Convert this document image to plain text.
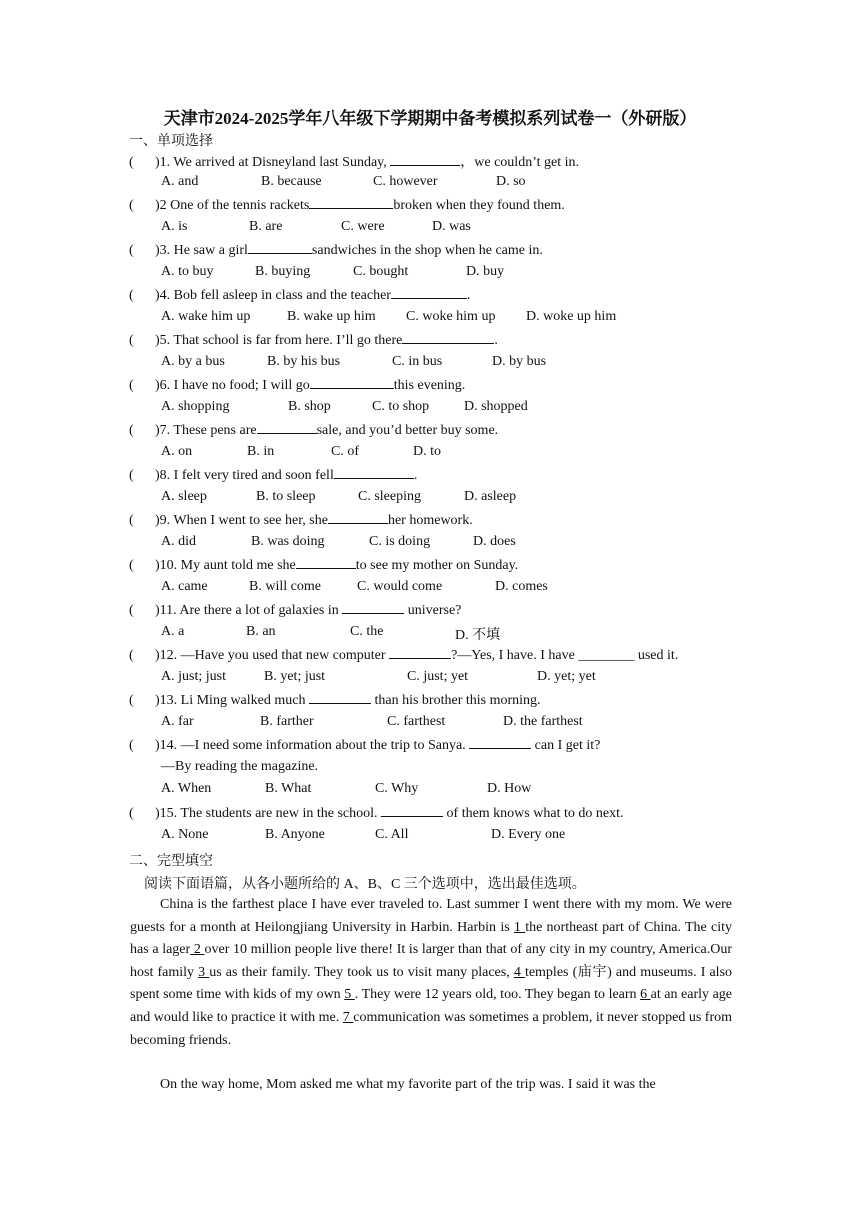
天津市2024-2025学年八年级下学期期中备考模拟系列试卷一（外研版）
一、单项选择
( )1. We arrived at Disneyland last Sunday,	，we couldn’t get in.
A. and	B. because	C. however	D. so
( )2 One of the tennis rackets	broken when they found them.
A. is	B. are	C. were	D. was
( )3. He saw a girl	sandwiches in the shop when he came in.
A. to buy	B. buying	C. bought	D. buy
( )4. Bob fell asleep in class and the teacher	.
A. wake him up	B. wake up him C. woke him up D. woke up him
( )5. That school is far from here. I’ll go there	.
A. by a bus	B. by his bus	C. in bus	D. by bus
( )6. I have no food; I will go	this evening.
A. shopping	B. shop	C. to shop D. shopped
( )7. These pens are	sale, and you’d better buy some.
A. on	B. in	C. of	D. to
( )8. I felt very tired and soon fell	.
A. sleep	B. to sleep	C. sleeping	D. asleep
( )9. When I went to see her, she	her homework.
A. did	B. was doing	C. is doing	D. does
( )10. My aunt told me she	to see my mother on Sunday.
A. came	B. will come	C. would come	D. comes
( )11. Are there a lot of galaxies in	universe?
A. a	B. an	C. the	D. 不填
( )12. —Have you used that new computer	?—Yes, I have. I have ________ used it.
A. just; just	B. yet; just	C. just; yet	D. yet; yet
( )13. Li Ming walked much	than his brother this morning.
A. far	B. farther	C. farthest	D. the farthest
( )14. —I need some information about the trip to Sanya.	can I get it?
—By reading the magazine.
A. When	B. What	C. Why	D. How
( )15. The students are new in the school.	of them knows what to do next.
A. None	B. Anyone	C. All	D. Every one
二、完型填空
阅读下面语篇，从各小题所给的 A、B、C 三个选项中，选出最佳选项。
China is the farthest place I have ever traveled to. Last summer I went there with my mom. We were guests for a month at Heilongjiang University in Harbin. Harbin is 1 the northeast part of China. The city has a lager 2 over 10 million people live there! It is larger than that of any city in my country, America.Our host family 3 us as their family. They took us to visit many places, 4 temples (庙宇) and museums. I also spent some time with kids of my own 5 . They were 12 years old, too. They began to learn 6 at an early age and would like to practice it with me. 7 communication was sometimes a problem, it never stopped us from becoming friends.
On the way home, Mom asked me what my favorite part of the trip was. I said it was the
